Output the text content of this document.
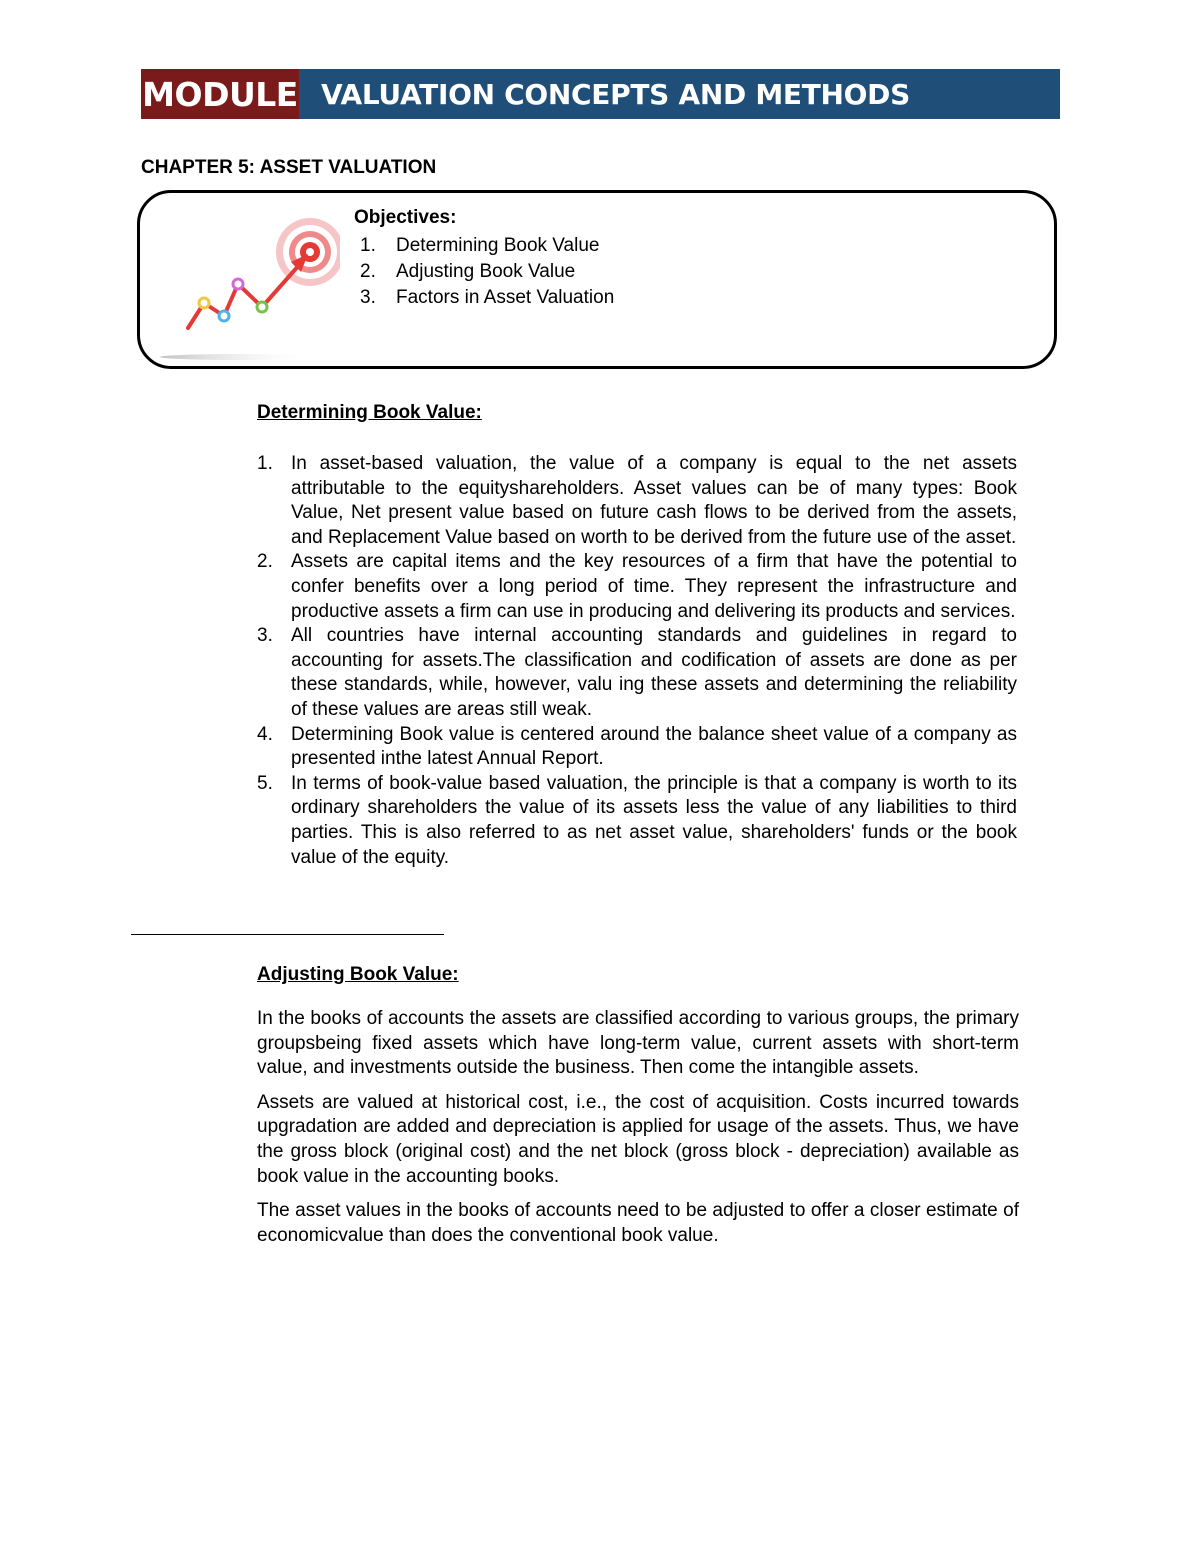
MODULE VALUATION CONCEPTS AND METHODS
CHAPTER 5: ASSET VALUATION
Objectives:
1.	Determining Book Value
2.	Adjusting Book Value
3.	Factors in Asset Valuation
Determining Book Value:
1. In asset-based valuation, the value of a company is equal to the net assets attributable to the equityshareholders. Asset values can be of many types: Book Value, Net present value based on future cash flows to be derived from the assets, and Replacement Value based on worth to be derived from the future use of the asset.
2. Assets are capital items and the key resources of a firm that have the potential to confer benefits over a long period of time. They represent the infrastructure and productive assets a firm can use in producing and delivering its products and services.
3. All countries have internal accounting standards and guidelines in regard to accounting for assets.The classification and codification of assets are done as per these standards, while, however, valu ing these assets and determining the reliability of these values are areas still weak.
4. Determining Book value is centered around the balance sheet value of a company as presented inthe latest Annual Report.
5. In terms of book-value based valuation, the principle is that a company is worth to its ordinary shareholders the value of its assets less the value of any liabilities to third parties. This is also referred to as net asset value, shareholders' funds or the book value of the equity.
Adjusting Book Value:

In the books of accounts the assets are classified according to various groups, the primary groupsbeing fixed assets which have long-term value, current assets with short-term value, and investments outside the business. Then come the intangible assets.

Assets are valued at historical cost, i.e., the cost of acquisition. Costs incurred towards upgradation are added and depreciation is applied for usage of the assets. Thus, we have the gross block (original cost) and the net block (gross block - depreciation) available as book value in the accounting books.

The asset values in the books of accounts need to be adjusted to offer a closer estimate of economicvalue than does the conventional book value.
